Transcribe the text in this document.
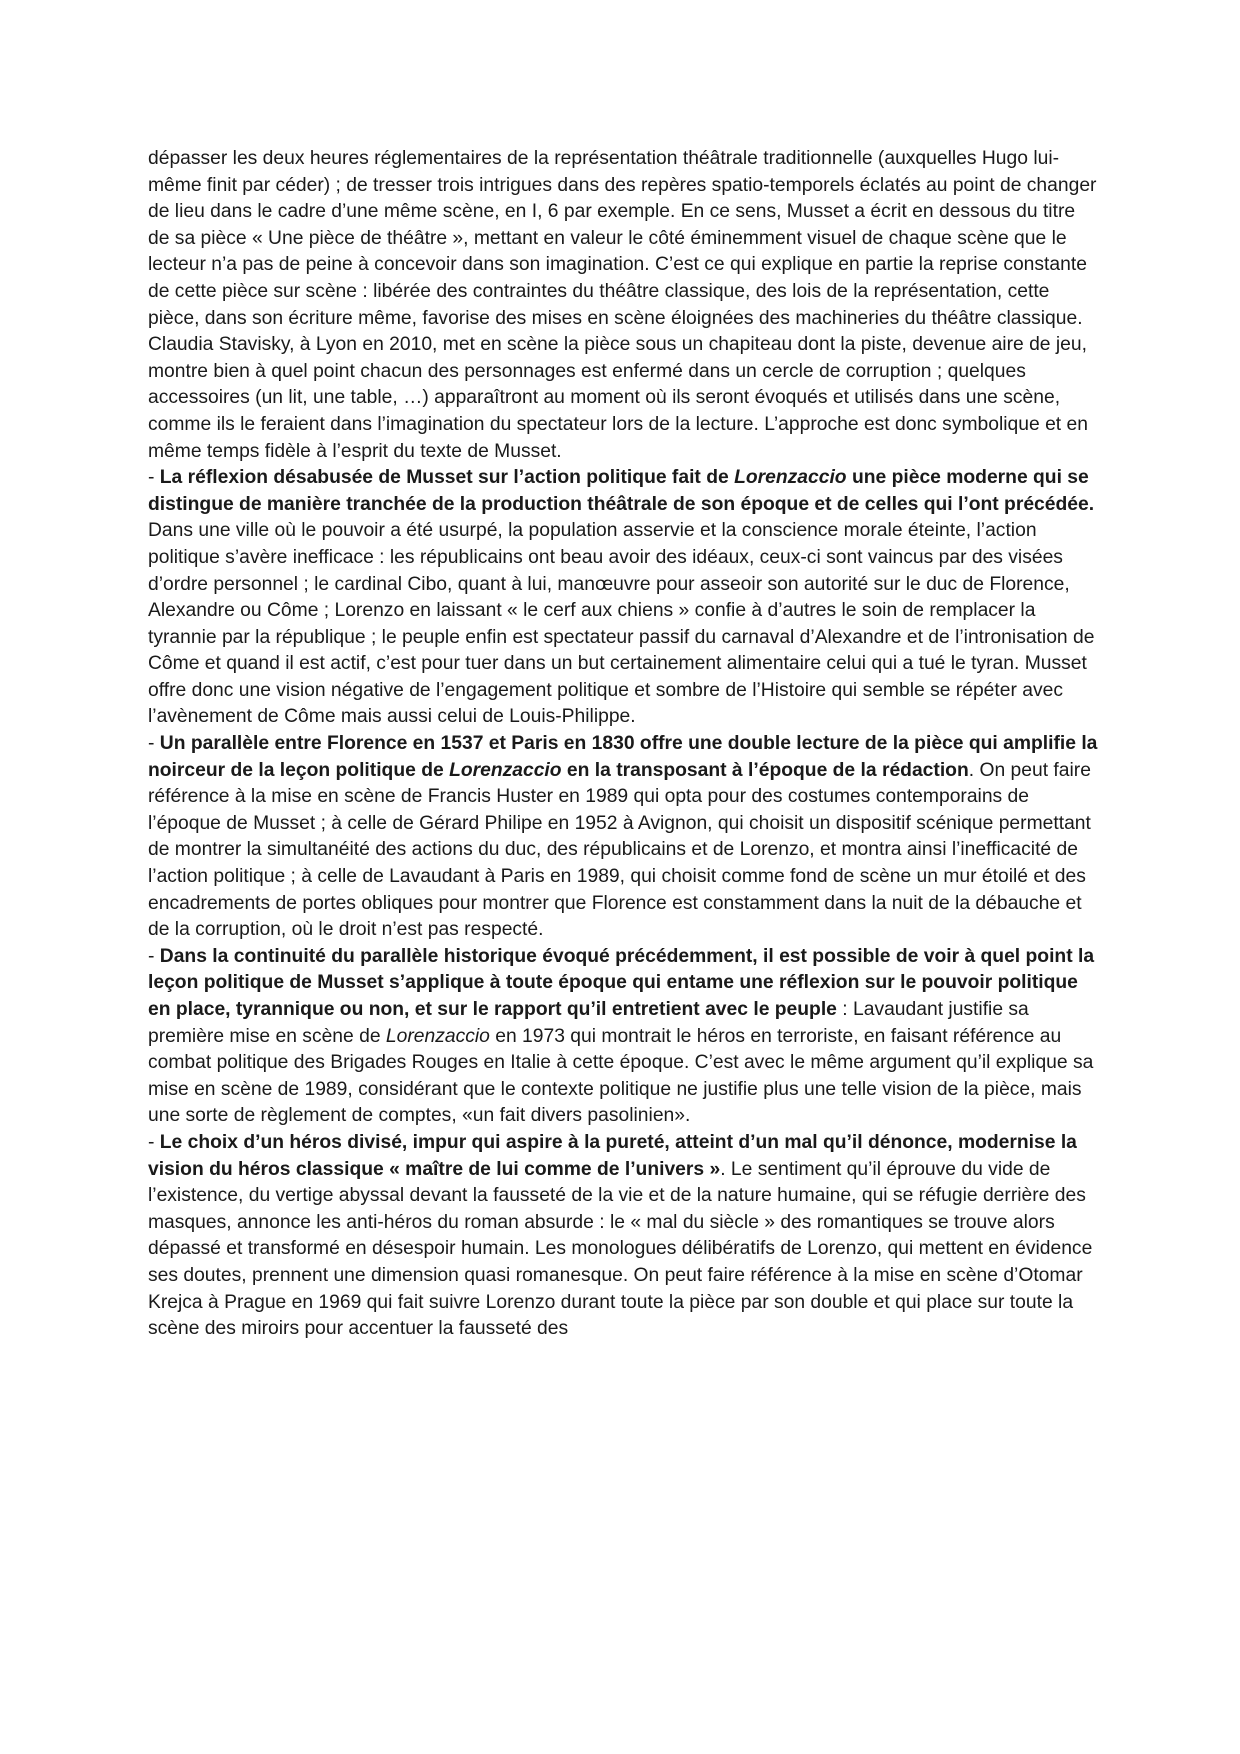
dépasser les deux heures réglementaires de la représentation théâtrale traditionnelle (auxquelles Hugo lui-même finit par céder) ; de tresser trois intrigues dans des repères spatio-temporels éclatés au point de changer de lieu dans le cadre d’une même scène, en I, 6 par exemple. En ce sens, Musset a écrit en dessous du titre de sa pièce « Une pièce de théâtre », mettant en valeur le côté éminemment visuel de chaque scène que le lecteur n’a pas de peine à concevoir dans son imagination. C’est ce qui explique en partie la reprise constante de cette pièce sur scène : libérée des contraintes du théâtre classique, des lois de la représentation, cette pièce, dans son écriture même, favorise des mises en scène éloignées des machineries du théâtre classique. Claudia Stavisky, à Lyon en 2010, met en scène la pièce sous un chapiteau dont la piste, devenue aire de jeu, montre bien à quel point chacun des personnages est enfermé dans un cercle de corruption ; quelques accessoires (un lit, une table, …) apparaîtront au moment où ils seront évoqués et utilisés dans une scène, comme ils le feraient dans l’imagination du spectateur lors de la lecture. L’approche est donc symbolique et en même temps fidèle à l’esprit du texte de Musset.

- La réflexion désabusée de Musset sur l’action politique fait de Lorenzaccio une pièce moderne qui se distingue de manière tranchée de la production théâtrale de son époque et de celles qui l’ont précédée. Dans une ville où le pouvoir a été usurpé, la population asservie et la conscience morale éteinte, l’action politique s’avère inefficace : les républicains ont beau avoir des idéaux, ceux-ci sont vaincus par des visées d’ordre personnel ; le cardinal Cibo, quant à lui, manœuvre pour asseoir son autorité sur le duc de Florence, Alexandre ou Côme ; Lorenzo en laissant « le cerf aux chiens » confie à d’autres le soin de remplacer la tyrannie par la république ; le peuple enfin est spectateur passif du carnaval d’Alexandre et de l’intronisation de Côme et quand il est actif, c’est pour tuer dans un but certainement alimentaire celui qui a tué le tyran. Musset offre donc une vision négative de l’engagement politique et sombre de l’Histoire qui semble se répéter avec l’avènement de Côme mais aussi celui de Louis-Philippe.

- Un parallèle entre Florence en 1537 et Paris en 1830 offre une double lecture de la pièce qui amplifie la noirceur de la leçon politique de Lorenzaccio en la transposant à l’époque de la rédaction. On peut faire référence à la mise en scène de Francis Huster en 1989 qui opta pour des costumes contemporains de l’époque de Musset ; à celle de Gérard Philipe en 1952 à Avignon, qui choisit un dispositif scénique permettant de montrer la simultanéité des actions du duc, des républicains et de Lorenzo, et montra ainsi l’inefficacité de l’action politique ; à celle de Lavaudant à Paris en 1989, qui choisit comme fond de scène un mur étoilé et des encadrements de portes obliques pour montrer que Florence est constamment dans la nuit de la débauche et de la corruption, où le droit n’est pas respecté.

- Dans la continuité du parallèle historique évoqué précédemment, il est possible de voir à quel point la leçon politique de Musset s’applique à toute époque qui entame une réflexion sur le pouvoir politique en place, tyrannique ou non, et sur le rapport qu’il entretient avec le peuple : Lavaudant justifie sa première mise en scène de Lorenzaccio en 1973 qui montrait le héros en terroriste, en faisant référence au combat politique des Brigades Rouges en Italie à cette époque. C’est avec le même argument qu’il explique sa mise en scène de 1989, considérant que le contexte politique ne justifie plus une telle vision de la pièce, mais une sorte de règlement de comptes, «un fait divers pasolinien».

- Le choix d’un héros divisé, impur qui aspire à la pureté, atteint d’un mal qu’il dénonce, modernise la vision du héros classique « maître de lui comme de l’univers ». Le sentiment qu’il éprouve du vide de l’existence, du vertige abyssal devant la fausseté de la vie et de la nature humaine, qui se réfugie derrière des masques, annonce les anti-héros du roman absurde : le « mal du siècle » des romantiques se trouve alors dépassé et transformé en désespoir humain. Les monologues délibératifs de Lorenzo, qui mettent en évidence ses doutes, prennent une dimension quasi romanesque. On peut faire référence à la mise en scène d’Otomar Krejca à Prague en 1969 qui fait suivre Lorenzo durant toute la pièce par son double et qui place sur toute la scène des miroirs pour accentuer la fausseté des
